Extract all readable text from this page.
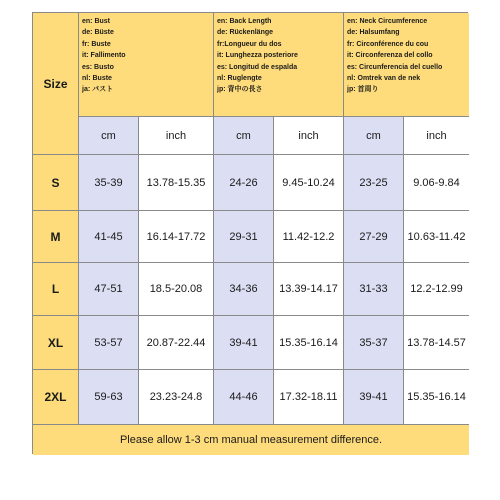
Size
en: Bust
de: Büste
fr: Buste
it: Fallimento
es: Busto
nl: Buste
ja: バスト
en: Back Length
de: Rückenlänge
fr:Longueur du dos
it: Lunghezza posteriore
es: Longitud de espalda
nl: Ruglengte
jp: 背中の長さ
en: Neck Circumference
de: Halsumfang
fr: Circonférence du cou
it: Circonferenza del collo
es: Circunferencia del cuello
nl: Omtrek van de nek
jp: 首周り
cm	inch	cm	inch	cm	inch
S	35-39	13.78-15.35	24-26	9.45-10.24	23-25	9.06-9.84
M	41-45	16.14-17.72	29-31	11.42-12.2	27-29	10.63-11.42
L	47-51	18.5-20.08	34-36	13.39-14.17	31-33	12.2-12.99
XL	53-57	20.87-22.44	39-41	15.35-16.14	35-37	13.78-14.57
2XL	59-63	23.23-24.8	44-46	17.32-18.11	39-41	15.35-16.14
Please allow 1-3 cm manual measurement difference.
